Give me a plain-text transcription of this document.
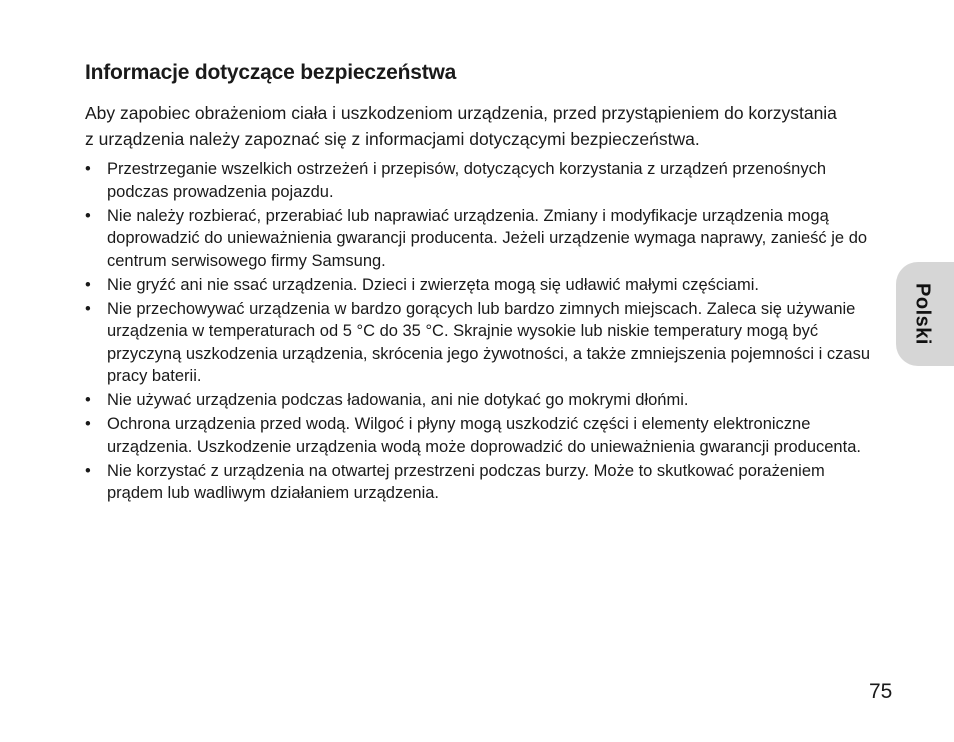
Informacje dotyczące bezpieczeństwa

Aby zapobiec obrażeniom ciała i uszkodzeniom urządzenia, przed przystąpieniem do korzystania z urządzenia należy zapoznać się z informacjami dotyczącymi bezpieczeństwa.

• Przestrzeganie wszelkich ostrzeżeń i przepisów, dotyczących korzystania z urządzeń przenośnych podczas prowadzenia pojazdu.
• Nie należy rozbierać, przerabiać lub naprawiać urządzenia. Zmiany i modyfikacje urządzenia mogą doprowadzić do unieważnienia gwarancji producenta. Jeżeli urządzenie wymaga naprawy, zanieść je do centrum serwisowego firmy Samsung.
• Nie gryźć ani nie ssać urządzenia. Dzieci i zwierzęta mogą się udławić małymi częściami.
• Nie przechowywać urządzenia w bardzo gorących lub bardzo zimnych miejscach. Zaleca się używanie urządzenia w temperaturach od 5 °C do 35 °C. Skrajnie wysokie lub niskie temperatury mogą być przyczyną uszkodzenia urządzenia, skrócenia jego żywotności, a także zmniejszenia pojemności i czasu pracy baterii.
• Nie używać urządzenia podczas ładowania, ani nie dotykać go mokrymi dłońmi.
• Ochrona urządzenia przed wodą. Wilgoć i płyny mogą uszkodzić części i elementy elektroniczne urządzenia. Uszkodzenie urządzenia wodą może doprowadzić do unieważnienia gwarancji producenta.
• Nie korzystać z urządzenia na otwartej przestrzeni podczas burzy. Może to skutkować porażeniem prądem lub wadliwym działaniem urządzenia.
Polski
75
